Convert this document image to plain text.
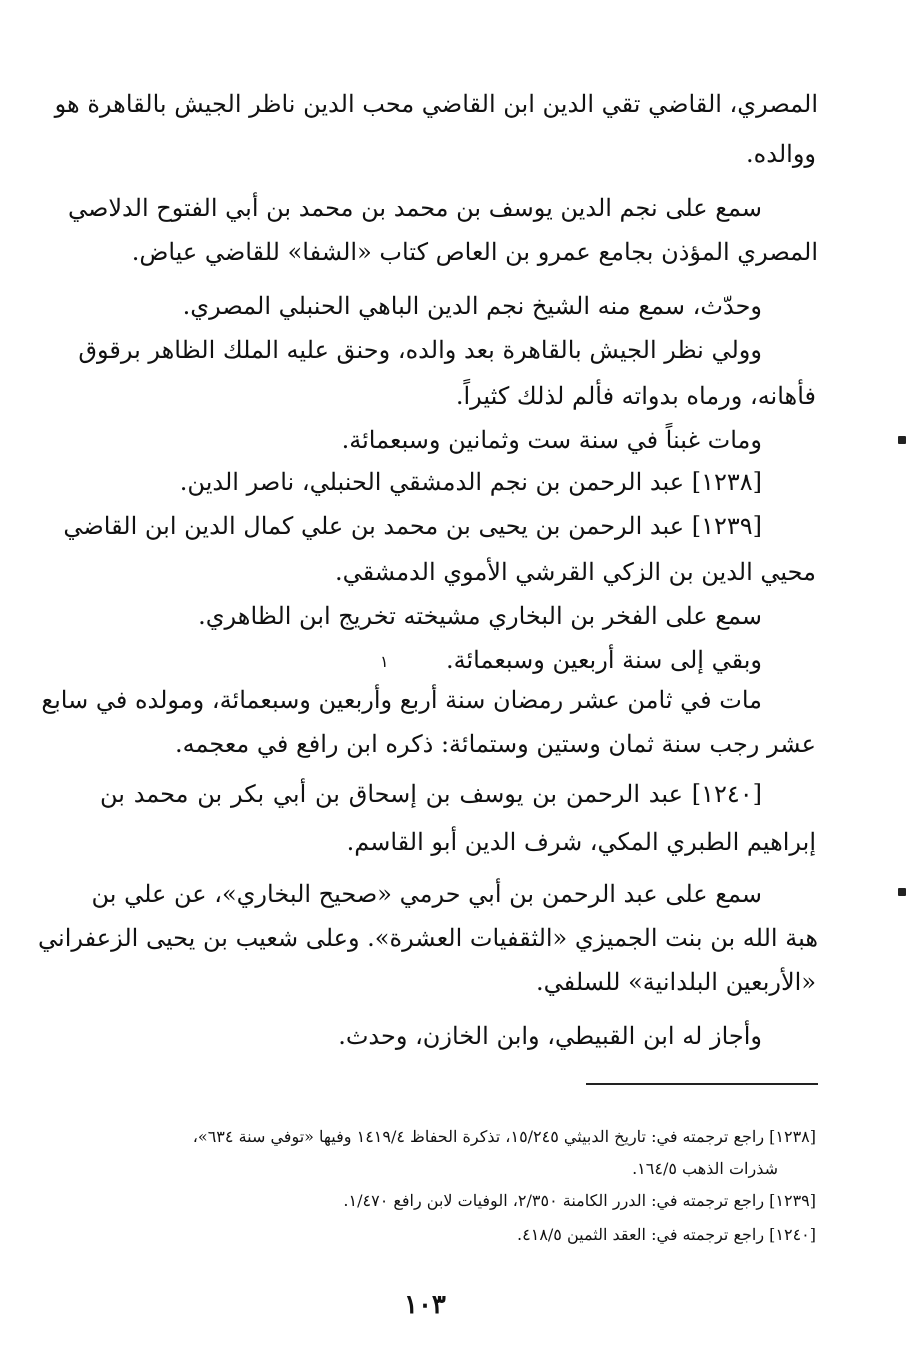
المصري، القاضي تقي الدين ابن القاضي محب الدين ناظر الجيش بالقاهرة هو
ووالده.
سمع على نجم الدين يوسف بن محمد بن محمد بن أبي الفتوح الدلاصي
المصري المؤذن بجامع عمرو بن العاص كتاب «الشفا» للقاضي عياض.
وحدّث، سمع منه الشيخ نجم الدين الباهي الحنبلي المصري.
وولي نظر الجيش بالقاهرة بعد والده، وحنق عليه الملك الظاهر برقوق
فأهانه، ورماه بدواته فألم لذلك كثيراً.
ومات غبناً في سنة ست وثمانين وسبعمائة.
[١٢٣٨] عبد الرحمن بن نجم الدمشقي الحنبلي، ناصر الدين.
[١٢٣٩] عبد الرحمن بن يحيى بن محمد بن علي كمال الدين ابن القاضي
محيي الدين بن الزكي القرشي الأموي الدمشقي.
سمع على الفخر بن البخاري مشيخته تخريج ابن الظاهري.
وبقي إلى سنة أربعين وسبعمائة.
١
مات في ثامن عشر رمضان سنة أربع وأربعين وسبعمائة، ومولده في سابع
عشر رجب سنة ثمان وستين وستمائة: ذكره ابن رافع في معجمه.
[١٢٤٠] عبد الرحمن بن يوسف بن إسحاق بن أبي بكر بن محمد بن
إبراهيم الطبري المكي، شرف الدين أبو القاسم.
سمع على عبد الرحمن بن أبي حرمي «صحيح البخاري»، عن علي بن
هبة الله بن بنت الجميزي «الثقفيات العشرة». وعلى شعيب بن يحيى الزعفراني
«الأربعين البلدانية» للسلفي.
وأجاز له ابن القبيطي، وابن الخازن، وحدث.
[١٢٣٨] راجع ترجمته في: تاريخ الدبيثي ١٥/٢٤٥، تذكرة الحفاظ ١٤١٩/٤ وفيها «توفي سنة ٦٣٤»،
شذرات الذهب ١٦٤/٥.
[١٢٣٩] راجع ترجمته في: الدرر الكامنة ٢/٣٥٠، الوفيات لابن رافع ١/٤٧٠.
[١٢٤٠] راجع ترجمته في: العقد الثمين ٤١٨/٥.
١٠٣
